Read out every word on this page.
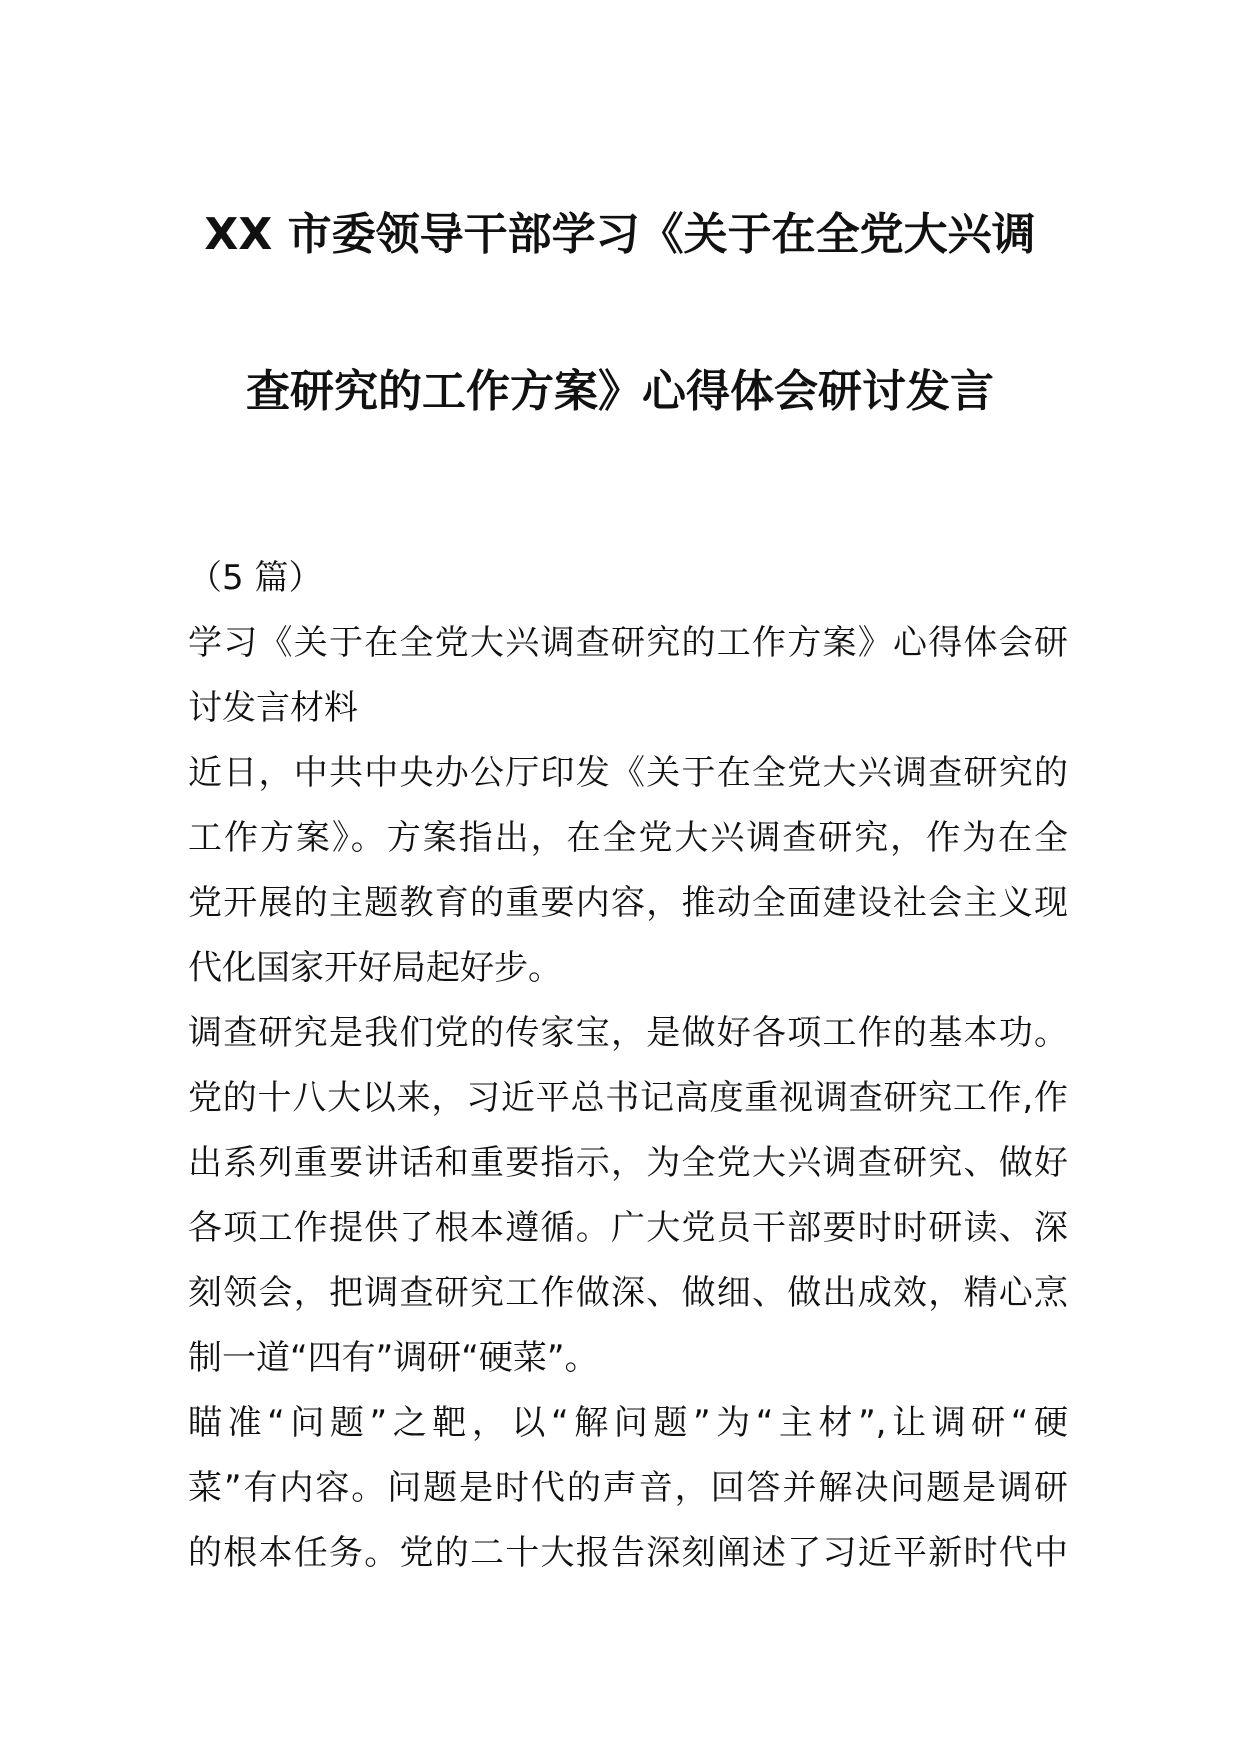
XX 市委领导干部学习《关于在全党大兴调
查研究的工作方案》心得体会研讨发言
（5 篇）
学习《关于在全党大兴调查研究的工作方案》心得体会研
讨发言材料
近日，中共中央办公厅印发《关于在全党大兴调查研究的
工作方案》。方案指出，在全党大兴调查研究，作为在全
党开展的主题教育的重要内容，推动全面建设社会主义现
代化国家开好局起好步。
调查研究是我们党的传家宝，是做好各项工作的基本功。
党的十八大以来，习近平总书记高度重视调查研究工作,作
出系列重要讲话和重要指示，为全党大兴调查研究、做好
各项工作提供了根本遵循。广大党员干部要时时研读、深
刻领会，把调查研究工作做深、做细、做出成效，精心烹
制一道“四有”调研“硬菜”。
瞄准“问题”之靶，以“解问题”为“主材”,让调研“硬
菜”有内容。问题是时代的声音，回答并解决问题是调研
的根本任务。党的二十大报告深刻阐述了习近平新时代中
